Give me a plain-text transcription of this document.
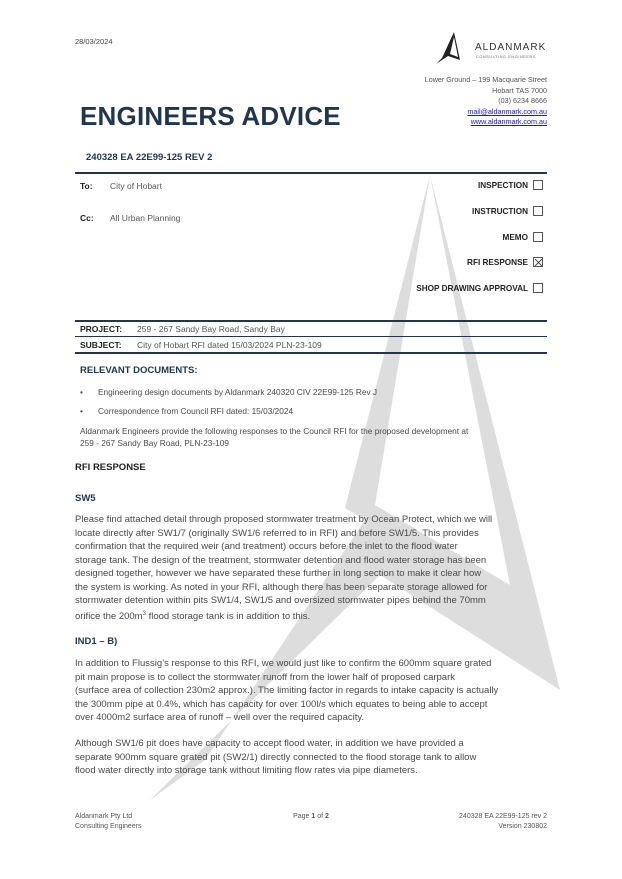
28/03/2024
ALDANMARK
CONSULTING ENGINEERS
Lower Ground – 199 Macquarie Street
Hobart TAS 7000
(03) 6234 8666
mail@aldanmark.com.au
www.aldanmark.com.au
ENGINEERS ADVICE
240328 EA 22E99-125 REV 2
To: City of Hobart
Cc: All Urban Planning
INSPECTION
INSTRUCTION
MEMO
RFI RESPONSE
SHOP DRAWING APPROVAL
PROJECT: 259 - 267 Sandy Bay Road, Sandy Bay
SUBJECT: City of Hobart RFI dated 15/03/2024 PLN-23-109
RELEVANT DOCUMENTS:
• Engineering design documents by Aldanmark 240320 CIV 22E99-125 Rev J
• Correspondence from Council RFI dated: 15/03/2024
Aldanmark Engineers provide the following responses to the Council RFI for the proposed development at
259 - 267 Sandy Bay Road, PLN-23-109
RFI RESPONSE
SW5
Please find attached detail through proposed stormwater treatment by Ocean Protect, which we will
locate directly after SW1/7 (originally SW1/6 referred to in RFI) and before SW1/5. This provides
confirmation that the required weir (and treatment) occurs before the inlet to the flood water
storage tank. The design of the treatment, stormwater detention and flood water storage has been
designed together, however we have separated these further in long section to make it clear how
the system is working. As noted in your RFI, although there has been separate storage allowed for
stormwater detention within pits SW1/4, SW1/5 and oversized stormwater pipes behind the 70mm
orifice the $200m^3$ flood storage tank is in addition to this.
IND1 – B)
In addition to Flussig’s response to this RFI, we would just like to confirm the 600mm square grated
pit main propose is to collect the stormwater runoff from the lower half of proposed carpark
(surface area of collection 230m2 approx.). The limiting factor in regards to intake capacity is actually
the 300mm pipe at 0.4%, which has capacity for over 100l/s which equates to being able to accept
over 4000m2 surface area of runoff – well over the required capacity.
Although SW1/6 pit does have capacity to accept flood water, in addition we have provided a
separate 900mm square grated pit (SW2/1) directly connected to the flood storage tank to allow
flood water directly into storage tank without limiting flow rates via pipe diameters.
Aldanmark Pty Ltd
Consulting Engineers
Page 1 of 2	240328 EA 22E99-125 rev 2
Version 230802
